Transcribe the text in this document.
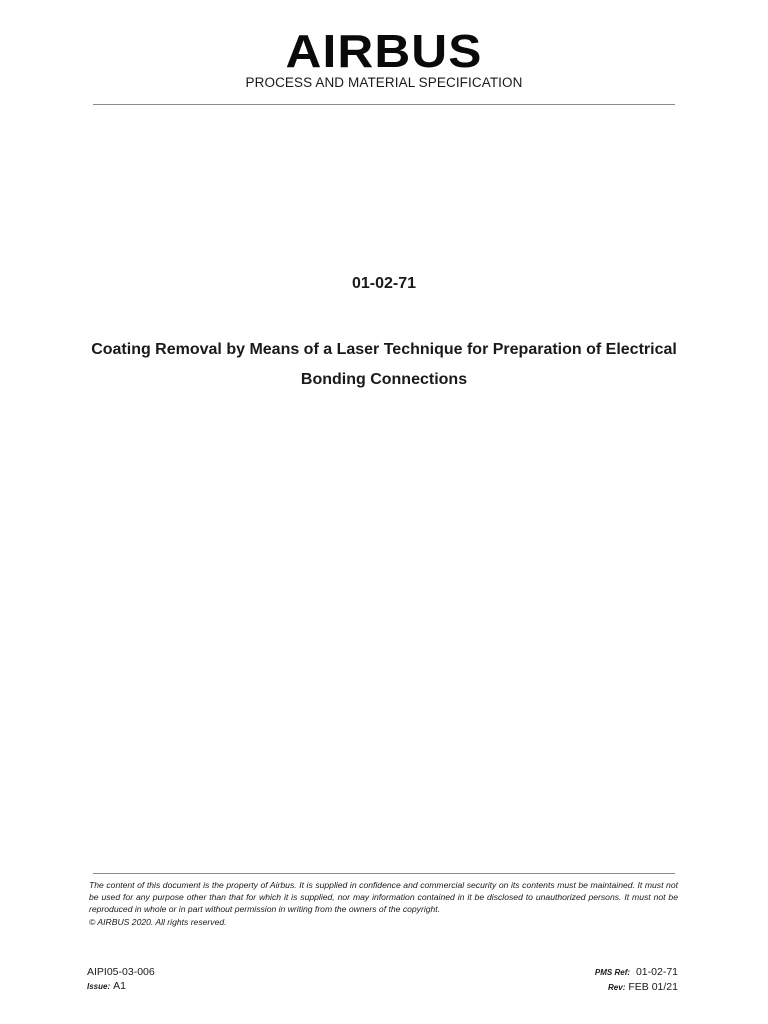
AIRBUS
PROCESS AND MATERIAL SPECIFICATION
01-02-71
Coating Removal by Means of a Laser Technique for Preparation of Electrical Bonding Connections

The content of this document is the property of Airbus. It is supplied in confidence and commercial security on its contents must be maintained. It must not be used for any purpose other than that for which it is supplied, nor may information contained in it be disclosed to unauthorized persons. It must not be reproduced in whole or in part without permission in writing from the owners of the copyright.

© AIRBUS 2020. All rights reserved.

AIPI05-03-006
Issue: A1
PMS Ref: 01-02-71
Rev: FEB 01/21
